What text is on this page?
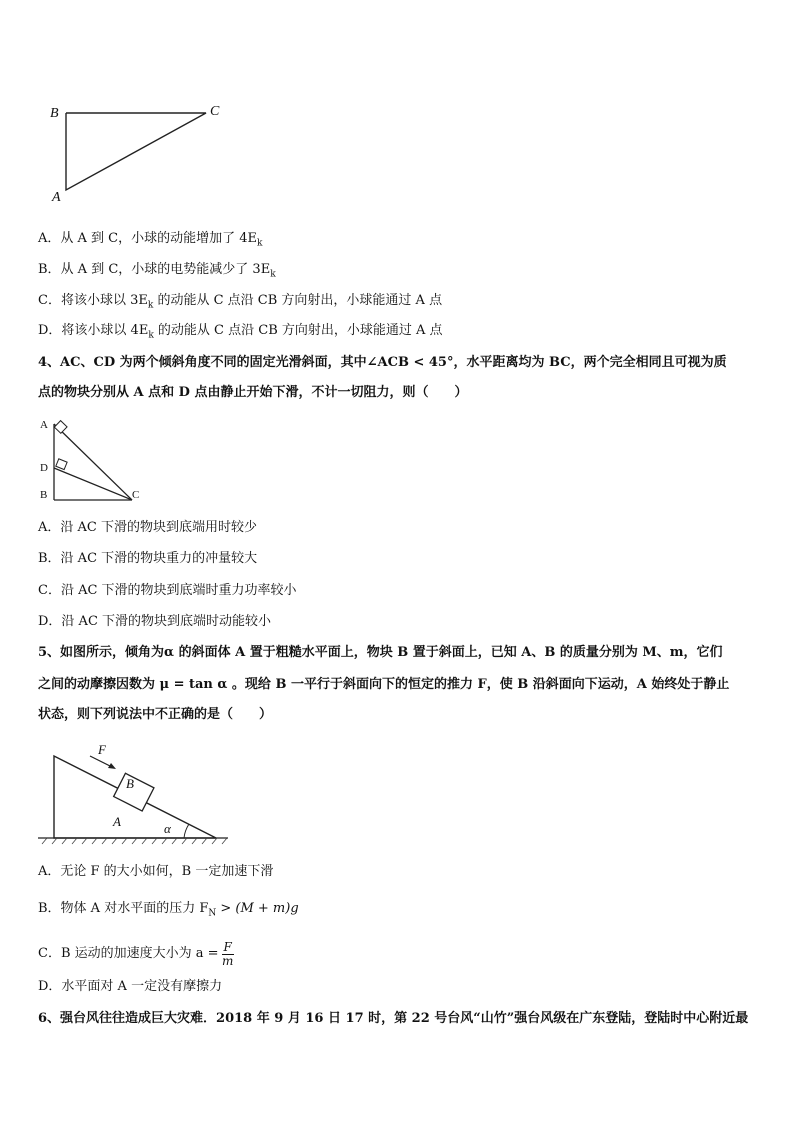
B	C
A
A．从 A 到 C，小球的动能增加了 $4E_k$
B．从 A 到 C，小球的电势能减少了 $3E_k$
C．将该小球以 $3E_k$ 的动能从 C 点沿 CB 方向射出，小球能通过 A 点
D．将该小球以 $4E_k$ 的动能从 C 点沿 CB 方向射出，小球能通过 A 点
4、AC、CD 为两个倾斜角度不同的固定光滑斜面，其中∠ACB < 45°，水平距离均为 BC，两个完全相同且可视为质
点的物块分别从 A 点和 D 点由静止开始下滑，不计一切阻力，则（　　）
A
D
B	C
A．沿 AC 下滑的物块到底端用时较少
B．沿 AC 下滑的物块重力的冲量较大
C．沿 AC 下滑的物块到底端时重力功率较小
D．沿 AC 下滑的物块到底端时动能较小
5、如图所示，倾角为α 的斜面体 A 置于粗糙水平面上，物块 B 置于斜面上，已知 A、B 的质量分别为 M、m，它们
之间的动摩擦因数为 μ = tan α 。现给 B 一平行于斜面向下的恒定的推力 F，使 B 沿斜面向下运动，A 始终处于静止
状态，则下列说法中不正确的是（　　）
F
B
A	α
A．无论 F 的大小如何，B 一定加速下滑
B．物体 A 对水平面的压力 $F_N > (M + m)g$
C．B 运动的加速度大小为 $a = \frac{F}{m}$
D．水平面对 A 一定没有摩擦力
6、强台风往往造成巨大灾难．2018 年 9 月 16 日 17 时，第 22 号台风“山竹”强台风级在广东登陆，登陆时中心附近最
